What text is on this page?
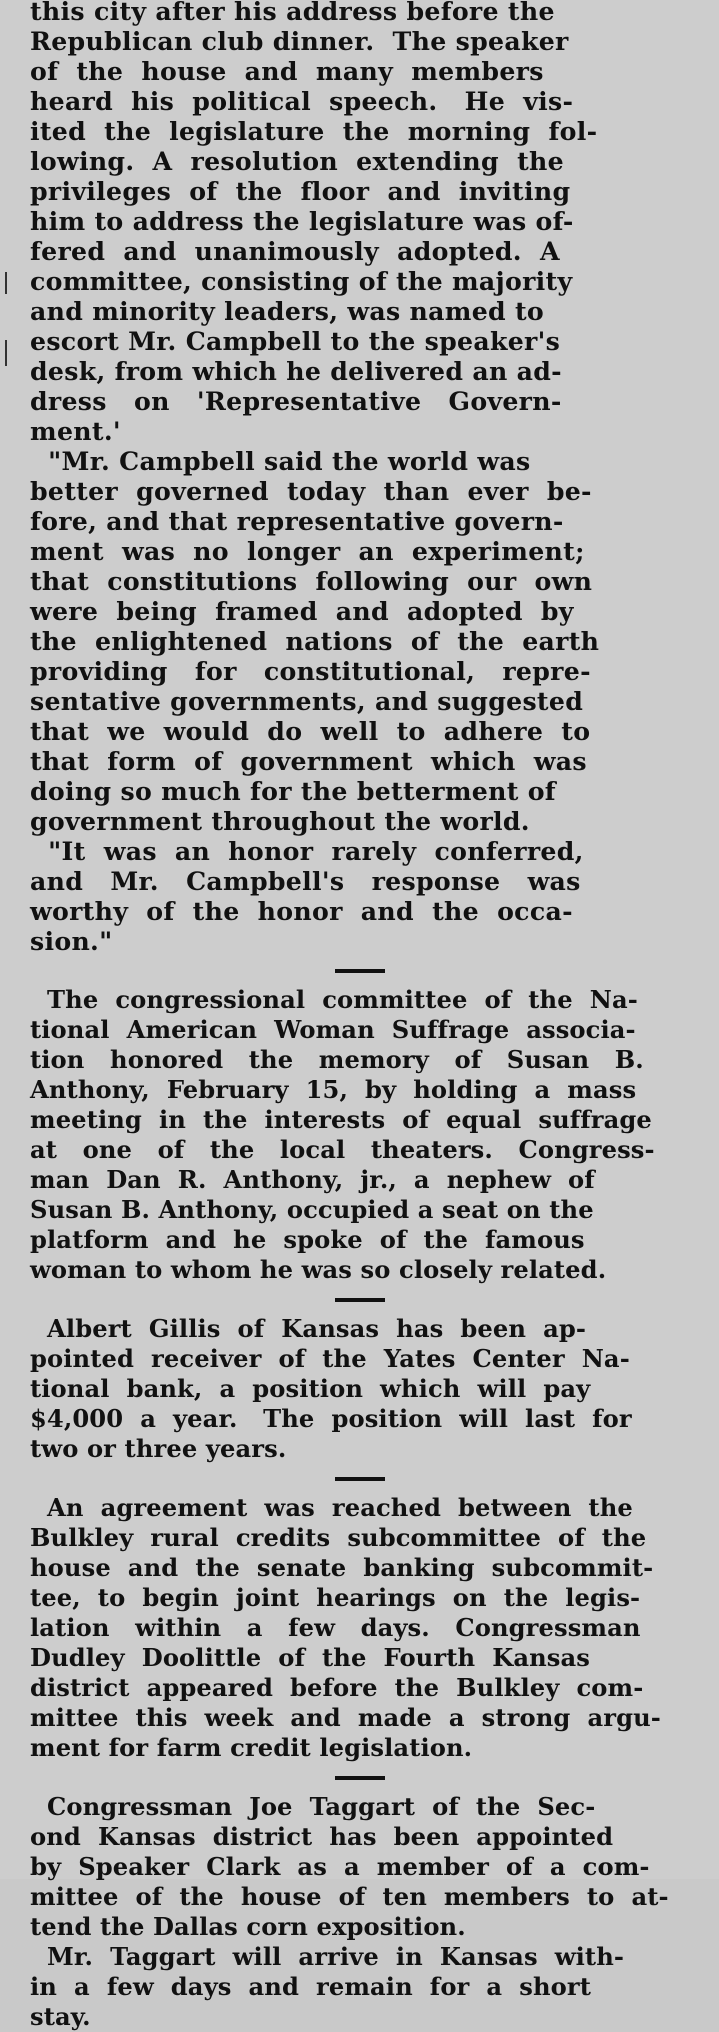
this city after his address before the
Republican club dinner.  The speaker
of  the  house  and  many  members
heard  his  political  speech.   He  vis-
ited  the  legislature  the  morning  fol-
lowing.  A  resolution  extending  the
privileges  of  the  floor  and  inviting
him to address the legislature was of-
fered  and  unanimously  adopted.  A
committee, consisting of the majority
and minority leaders, was named to
escort Mr. Campbell to the speaker's
desk, from which he delivered an ad-
dress   on   'Representative   Govern-
ment.'
"Mr. Campbell said the world was
better  governed  today  than  ever  be-
fore, and that representative govern-
ment  was  no  longer  an  experiment;
that  constitutions  following  our  own
were  being  framed  and  adopted  by
the  enlightened  nations  of  the  earth
providing   for   constitutional,   repre-
sentative governments, and suggested
that  we  would  do  well  to  adhere  to
that  form  of  government  which  was
doing so much for the betterment of
government throughout the world.
"It  was  an  honor  rarely  conferred,
and   Mr.   Campbell's   response   was
worthy  of  the  honor  and  the  occa-
sion."
The  congressional  committee  of  the  Na-
tional  American  Woman  Suffrage  associa-
tion   honored   the   memory   of   Susan   B.
Anthony,  February  15,  by  holding  a  mass
meeting  in  the  interests  of  equal  suffrage
at   one   of   the   local   theaters.   Congress-
man  Dan  R.  Anthony,  jr.,  a  nephew  of
Susan B. Anthony, occupied a seat on the
platform  and  he  spoke  of  the  famous
woman to whom he was so closely related.
Albert  Gillis  of  Kansas  has  been  ap-
pointed  receiver  of  the  Yates  Center  Na-
tional  bank,  a  position  which  will  pay
$4,000  a  year.   The  position  will  last  for
two or three years.
An  agreement  was  reached  between  the
Bulkley  rural  credits  subcommittee  of  the
house  and  the  senate  banking  subcommit-
tee,  to  begin  joint  hearings  on  the  legis-
lation   within   a   few   days.   Congressman
Dudley  Doolittle  of  the  Fourth  Kansas
district  appeared  before  the  Bulkley  com-
mittee  this  week  and  made  a  strong  argu-
ment for farm credit legislation.
Congressman  Joe  Taggart  of  the  Sec-
ond  Kansas  district  has  been  appointed
by  Speaker  Clark  as  a  member  of  a  com-
mittee  of  the  house  of  ten  members  to  at-
tend the Dallas corn exposition.
Mr.  Taggart  will  arrive  in  Kansas  with-
in  a  few  days  and  remain  for  a  short
stay.
